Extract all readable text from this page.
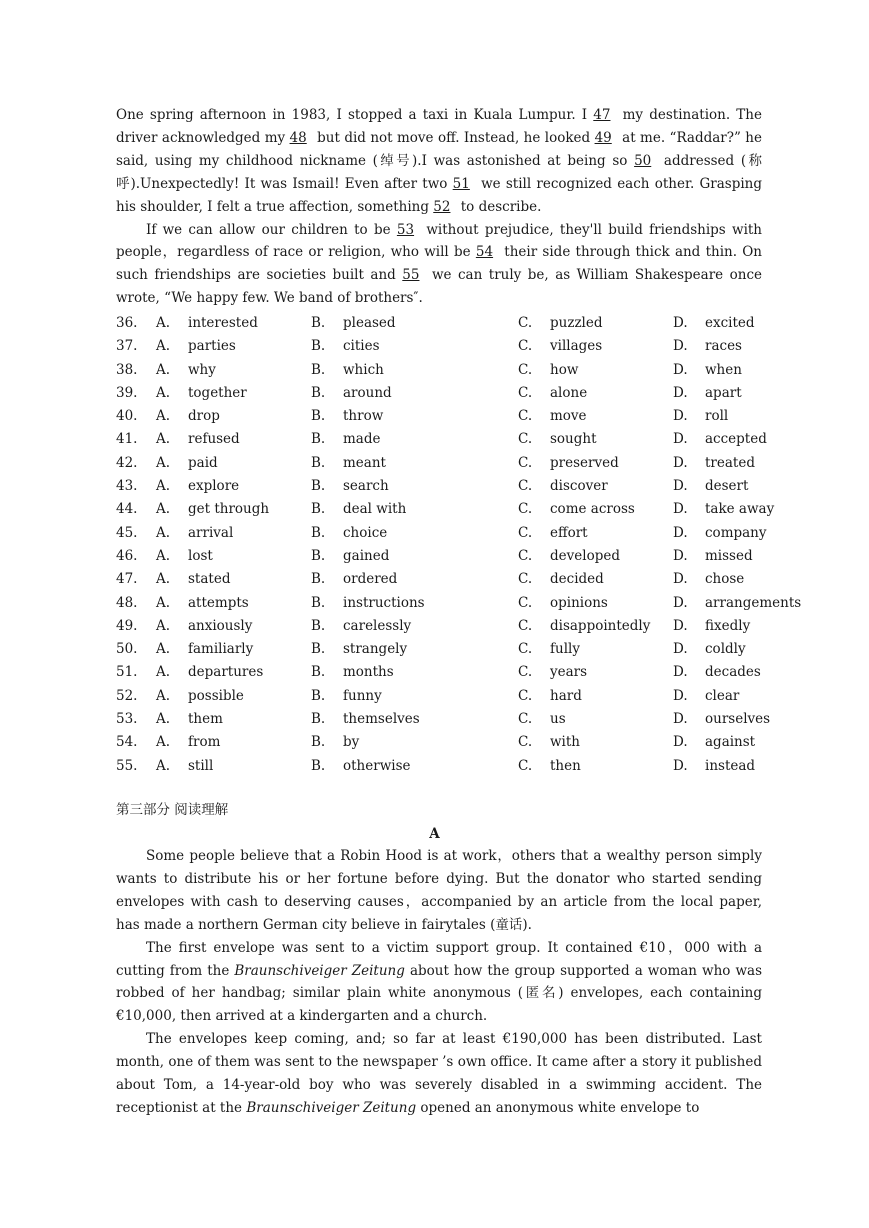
One spring afternoon in 1983, I stopped a taxi in Kuala Lumpur. I 47 my destination. The driver acknowledged my 48 but did not move off. Instead, he looked 49 at me. “Raddar?” he said, using my childhood nickname (绰号).I was astonished at being so 50 addressed (称呼).Unexpectedly! It was Ismail! Even after two 51 we still recognized each other. Grasping his shoulder, I felt a true affection, something 52 to describe.

If we can allow our children to be 53 without prejudice, they'll build friendships with people，regardless of race or religion, who will be 54 their side through thick and thin. On such friendships are societies built and 55 we can truly be, as William Shakespeare once wrote, “We happy few. We band of brothers″.

36. A. interested	B. pleased	C. puzzled	D. excited
37. A. parties	B. cities	C. villages	D. races
38. A. why	B. which	C. how	D. when
39. A. together	B. around	C. alone	D. apart
40. A. drop	B. throw	C. move	D. roll
41. A. refused	B. made	C. sought	D. accepted
42. A. paid	B. meant	C. preserved	D. treated
43. A. explore	B. search	C. discover	D. desert
44. A. get through	B. deal with	C. come across	D. take away
45. A. arrival	B. choice	C. effort	D. company
46. A. lost	B. gained	C. developed	D. missed
47. A. stated	B. ordered	C. decided	D. chose
48. A. attempts	B. instructions	C. opinions	D. arrangements
49. A. anxiously	B. carelessly	C. disappointedly D. fixedly
50. A. familiarly	B. strangely	C. fully	D. coldly
51. A. departures	B. months	C. years	D. decades
52. A. possible	B. funny	C. hard	D. clear
53. A. them	B. themselves	C. us	D. ourselves
54. A. from	B. by	C. with	D. against
55. A. still	B. otherwise	C. then	D. instead
第三部分 阅读理解
A

Some people believe that a Robin Hood is at work，others that a wealthy person simply wants to distribute his or her fortune before dying. But the donator who started sending envelopes with cash to deserving causes，accompanied by an article from the local paper, has made a northern German city believe in fairytales (童话).

The first envelope was sent to a victim support group. It contained €10，000 with a cutting from the Braunschiveiger Zeitung about how the group supported a woman who was robbed of her handbag; similar plain white anonymous (匿名) envelopes, each containing €10,000, then arrived at a kindergarten and a church.

The envelopes keep coming, and; so far at least €190,000 has been distributed. Last month, one of them was sent to the newspaper ’s own office. It came after a story it published about Tom, a 14-year-old boy who was severely disabled in a swimming accident. The receptionist at the Braunschiveiger Zeitung opened an anonymous white envelope to
